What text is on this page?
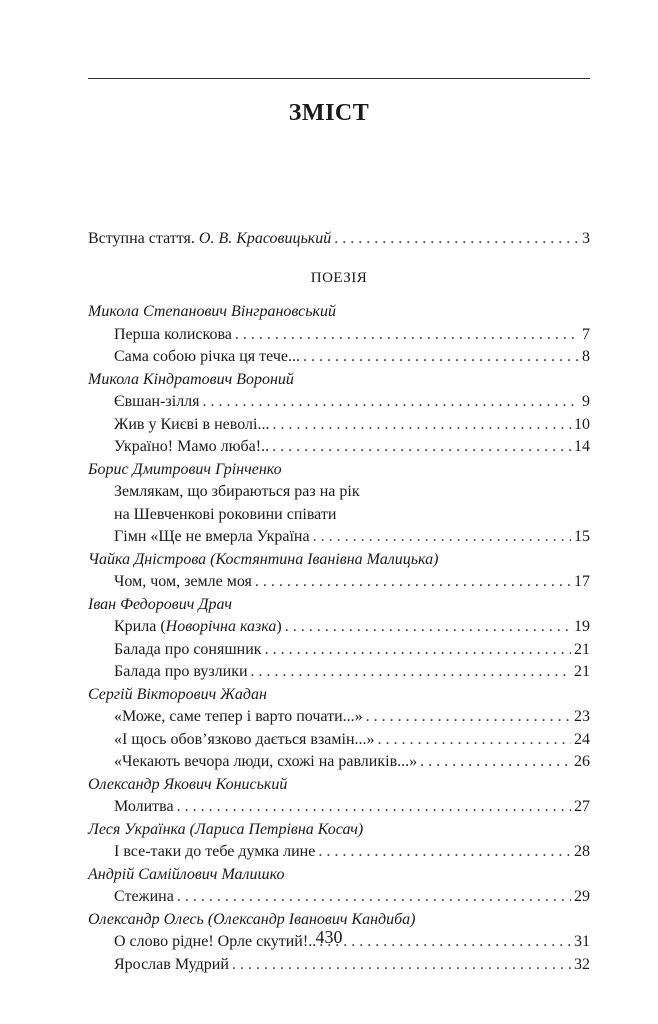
ЗМІСТ
Вступна стаття. О. В. Красовицький . . .	3
ПОЕЗІЯ
Микола Степанович Вінграновський
Перша колискова . . .	7
Сама собою річка ця тече... . . .	8
Микола Кіндратович Вороний
Євшан-зілля . . .	9
Жив у Києві в неволі... . . .	10
Україно! Мамо люба!.. . . .	14
Борис Дмитрович Грінченко
Землякам, що збираються раз на рік
на Шевченкові роковини співати
Гімн «Ще не вмерла Україна . . .	15
Чайка Дністрова (Костянтина Іванівна Малицька)
Чом, чом, земле моя . . .	17
Іван Федорович Драч
Крила (Новорічна казка) . . .	19
Балада про соняшник . . .	21
Балада про вузлики . . .	21
Сергій Вікторович Жадан
«Може, саме тепер і варто почати...» . . .	23
«І щось обов’язково дається взамін...» . . .	24
«Чекають вечора люди, схожі на равликів...» . . .	26
Олександр Якович Кониський
Молитва . . .	27
Леся Українка (Лариса Петрівна Косач)
І все-таки до тебе думка лине . . .	28
Андрій Самійлович Малишко
Стежина . . .	29
Олександр Олесь (Олександр Іванович Кандиба)
О слово рідне! Орле скутий!.. . . .	31
Ярослав Мудрий . . .	32
430
